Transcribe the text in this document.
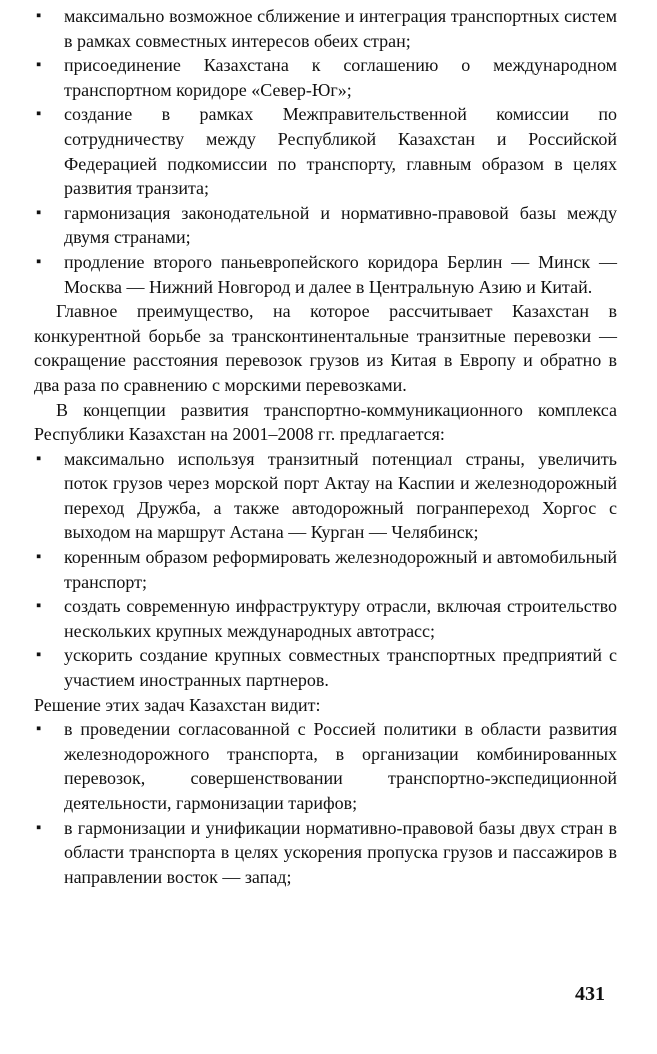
▪ максимально возможное сближение и интеграция транспортных систем в рамках совместных интересов обеих стран;
▪ присоединение Казахстана к соглашению о международном транспортном коридоре «Север-Юг»;
▪ создание в рамках Межправительственной комиссии по сотрудничеству между Республикой Казахстан и Российской Федерацией подкомиссии по транспорту, главным образом в целях развития транзита;
▪ гармонизация законодательной и нормативно-правовой базы между двумя странами;
▪ продление второго паньевропейского коридора Берлин — Минск — Москва — Нижний Новгород и далее в Центральную Азию и Китай.

Главное преимущество, на которое рассчитывает Казахстан в конкурентной борьбе за трансконтинентальные транзитные перевозки — сокращение расстояния перевозок грузов из Китая в Европу и обратно в два раза по сравнению с морскими перевозками.

В концепции развития транспортно-коммуникационного комплекса Республики Казахстан на 2001–2008 гг. предлагается:

▪ максимально используя транзитный потенциал страны, увеличить поток грузов через морской порт Актау на Каспии и железнодорожный переход Дружба, а также автодорожный погранпереход Хоргос с выходом на маршрут Астана — Курган — Челябинск;
▪ коренным образом реформировать железнодорожный и автомобильный транспорт;
▪ создать современную инфраструктуру отрасли, включая строительство нескольких крупных международных автотрасс;
▪ ускорить создание крупных совместных транспортных предприятий с участием иностранных партнеров.

Решение этих задач Казахстан видит:

▪ в проведении согласованной с Россией политики в области развития железнодорожного транспорта, в организации комбинированных перевозок, совершенствовании транспортно-экспедиционной деятельности, гармонизации тарифов;
▪ в гармонизации и унификации нормативно-правовой базы двух стран в области транспорта в целях ускорения пропуска грузов и пассажиров в направлении восток — запад;
431
